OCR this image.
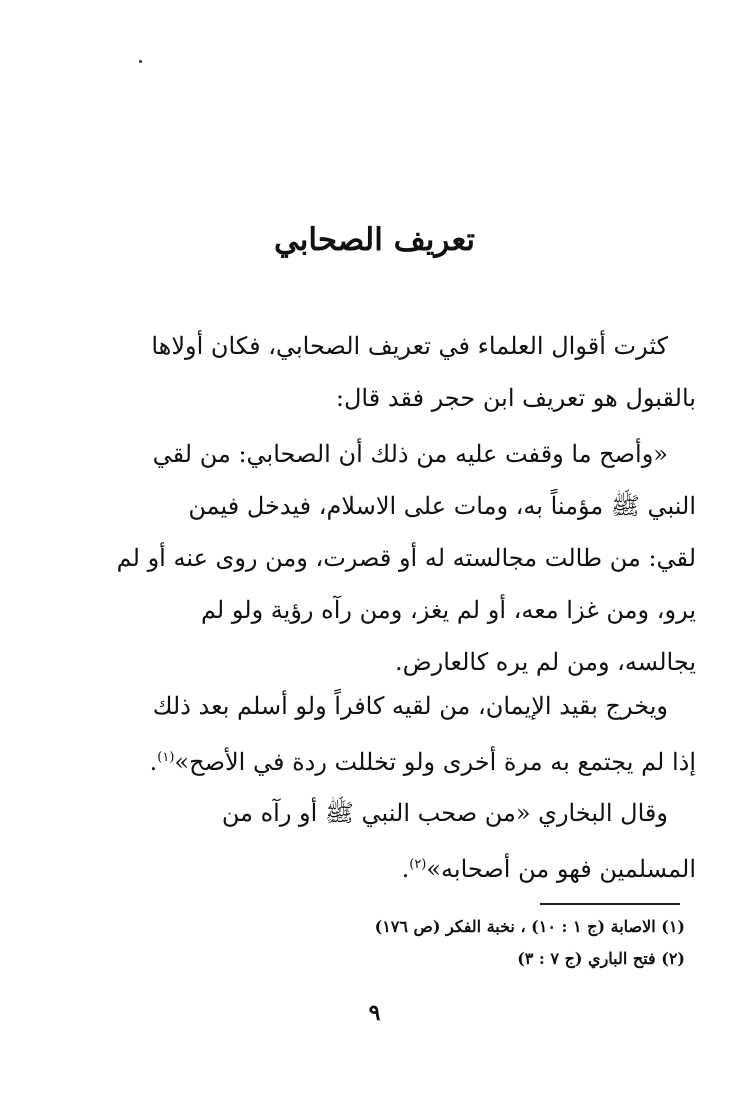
تعريف الصحابي
كثرت أقوال العلماء في تعريف الصحابي، فكان أولاها
بالقبول هو تعريف ابن حجر فقد قال:
«وأصح ما وقفت عليه من ذلك أن الصحابي: من لقي
النبي ﷺ مؤمناً به، ومات على الاسلام، فيدخل فيمن
لقي: من طالت مجالسته له أو قصرت، ومن روى عنه أو لم
يرو، ومن غزا معه، أو لم يغز، ومن رآه رؤية ولو لم
يجالسه، ومن لم يره كالعارض.
ويخرج بقيد الإيمان، من لقيه كافراً ولو أسلم بعد ذلك
إذا لم يجتمع به مرة أخرى ولو تخللت ردة في الأصح»$^{(١)}$.
وقال البخاري «من صحب النبي ﷺ أو رآه من
المسلمين فهو من أصحابه»$^{(٢)}$.
(١) الاصابة (ج ١ : ١٠) ، نخبة الفكر (ص ١٧٦)
(٢) فتح الباري (ج ٧ : ٣)
٩
